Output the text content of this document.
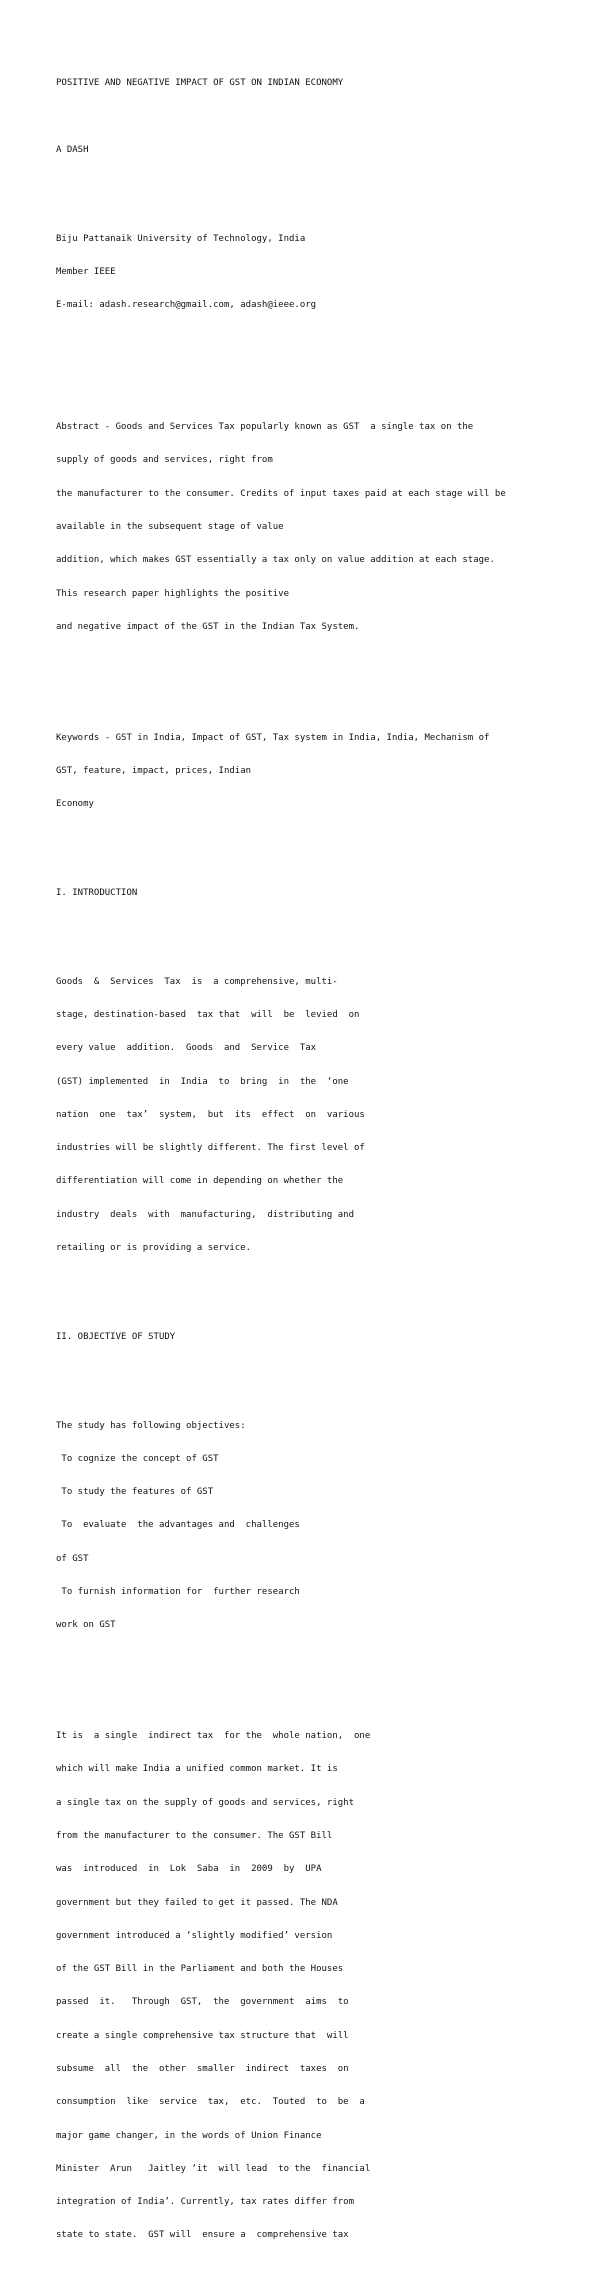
POSITIVE AND NEGATIVE IMPACT OF GST ON INDIAN ECONOMY

A DASH

Biju Pattanaik University of Technology, India

Member IEEE

E-mail: adash.research@gmail.com, adash@ieee.org

Abstract - Goods and Services Tax popularly known as GST  a single tax on the

supply of goods and services, right from

the manufacturer to the consumer. Credits of input taxes paid at each stage will be

available in the subsequent stage of value

addition, which makes GST essentially a tax only on value addition at each stage.

This research paper highlights the positive

and negative impact of the GST in the Indian Tax System.

Keywords - GST in India, Impact of GST, Tax system in India, India, Mechanism of

GST, feature, impact, prices, Indian

Economy

I. INTRODUCTION

Goods  &  Services  Tax  is  a comprehensive, multi-

stage, destination-based  tax that  will  be  levied  on

every value  addition.  Goods  and  Service  Tax

(GST) implemented  in  India  to  bring  in  the  ‘one

nation  one  tax’  system,  but  its  effect  on  various

industries will be slightly different. The first level of

differentiation will come in depending on whether the

industry  deals  with  manufacturing,  distributing and

retailing or is providing a service.

II. OBJECTIVE OF STUDY

The study has following objectives:

To cognize the concept of GST

To study the features of GST

To  evaluate  the advantages and  challenges

of GST

To furnish information for  further research

work on GST

It is  a single  indirect tax  for the  whole nation,  one

which will make India a unified common market. It is

a single tax on the supply of goods and services, right

from the manufacturer to the consumer. The GST Bill

was  introduced  in  Lok  Saba  in  2009  by  UPA

government but they failed to get it passed. The NDA

government introduced a ‘slightly modified’ version

of the GST Bill in the Parliament and both the Houses

passed  it.   Through  GST,  the  government  aims  to

create a single comprehensive tax structure that  will

subsume  all  the  other  smaller  indirect  taxes  on

consumption  like  service  tax,  etc.  Touted  to  be  a

major game changer, in the words of Union Finance

Minister  Arun   Jaitley ‘it  will lead  to the  financial

integration of India’. Currently, tax rates differ from

state to state.  GST will  ensure a  comprehensive tax
